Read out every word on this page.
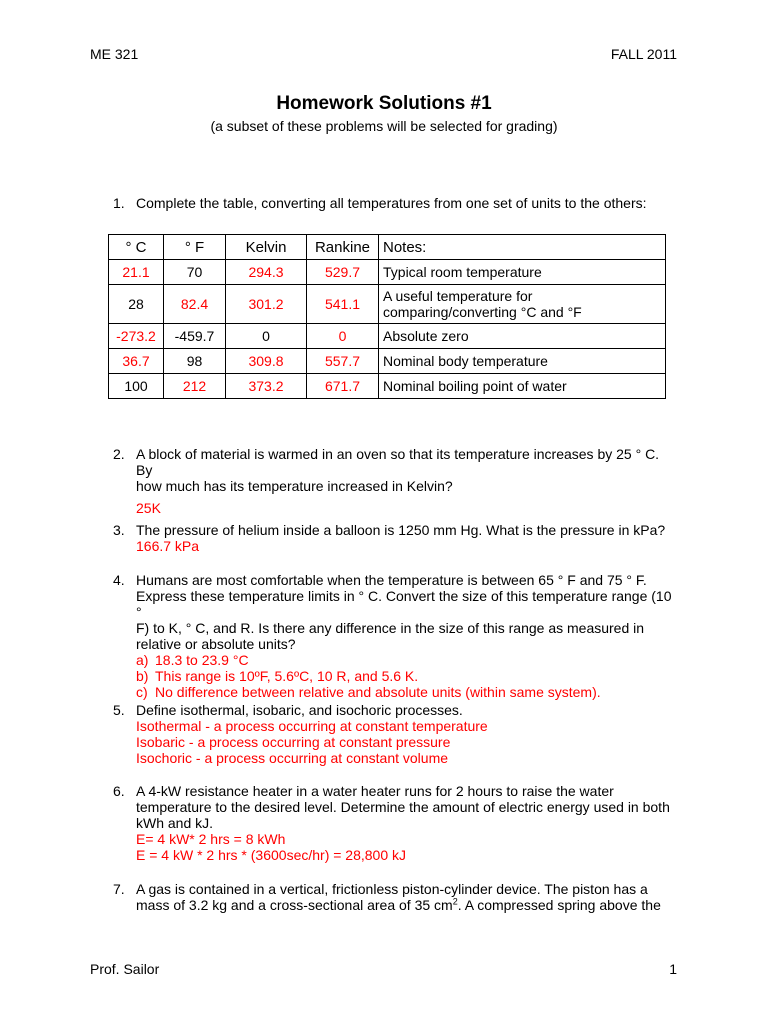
ME 321	FALL 2011
Homework Solutions #1
(a subset of these problems will be selected for grading)
1. Complete the table, converting all temperatures from one set of units to the others:
° C	° F	Kelvin	Rankine	Notes:
21.1	70	294.3	529.7	Typical room temperature
28	82.4	301.2	541.1	A useful temperature for
comparing/converting °C and °F

-273.2	-459.7	0	0	Absolute zero
36.7	98	309.8	557.7	Nominal body temperature
100	212	373.2	671.7	Nominal boiling point of water
2. A block of material is warmed in an oven so that its temperature increases by 25 ° C. By
how much has its temperature increased in Kelvin?
25K
3. The pressure of helium inside a balloon is 1250 mm Hg. What is the pressure in kPa?
166.7 kPa
4. Humans are most comfortable when the temperature is between 65 ° F and 75 ° F.
Express these temperature limits in ° C. Convert the size of this temperature range (10 °
F) to K, ° C, and R. Is there any difference in the size of this range as measured in
relative or absolute units?
a) 18.3 to 23.9 °C
b) This range is 10ºF, 5.6ºC, 10 R, and 5.6 K.
c) No difference between relative and absolute units (within same system).
5. Define isothermal, isobaric, and isochoric processes.
Isothermal - a process occurring at constant temperature
Isobaric - a process occurring at constant pressure
Isochoric - a process occurring at constant volume
6. A 4-kW resistance heater in a water heater runs for 2 hours to raise the water
temperature to the desired level. Determine the amount of electric energy used in both
kWh and kJ.
E= 4 kW* 2 hrs = 8 kWh
E = 4 kW * 2 hrs * (3600sec/hr) = 28,800 kJ
7. A gas is contained in a vertical, frictionless piston-cylinder device. The piston has a
mass of 3.2 kg and a cross-sectional area of 35 $cm^2$. A compressed spring above the
Prof. Sailor	1
